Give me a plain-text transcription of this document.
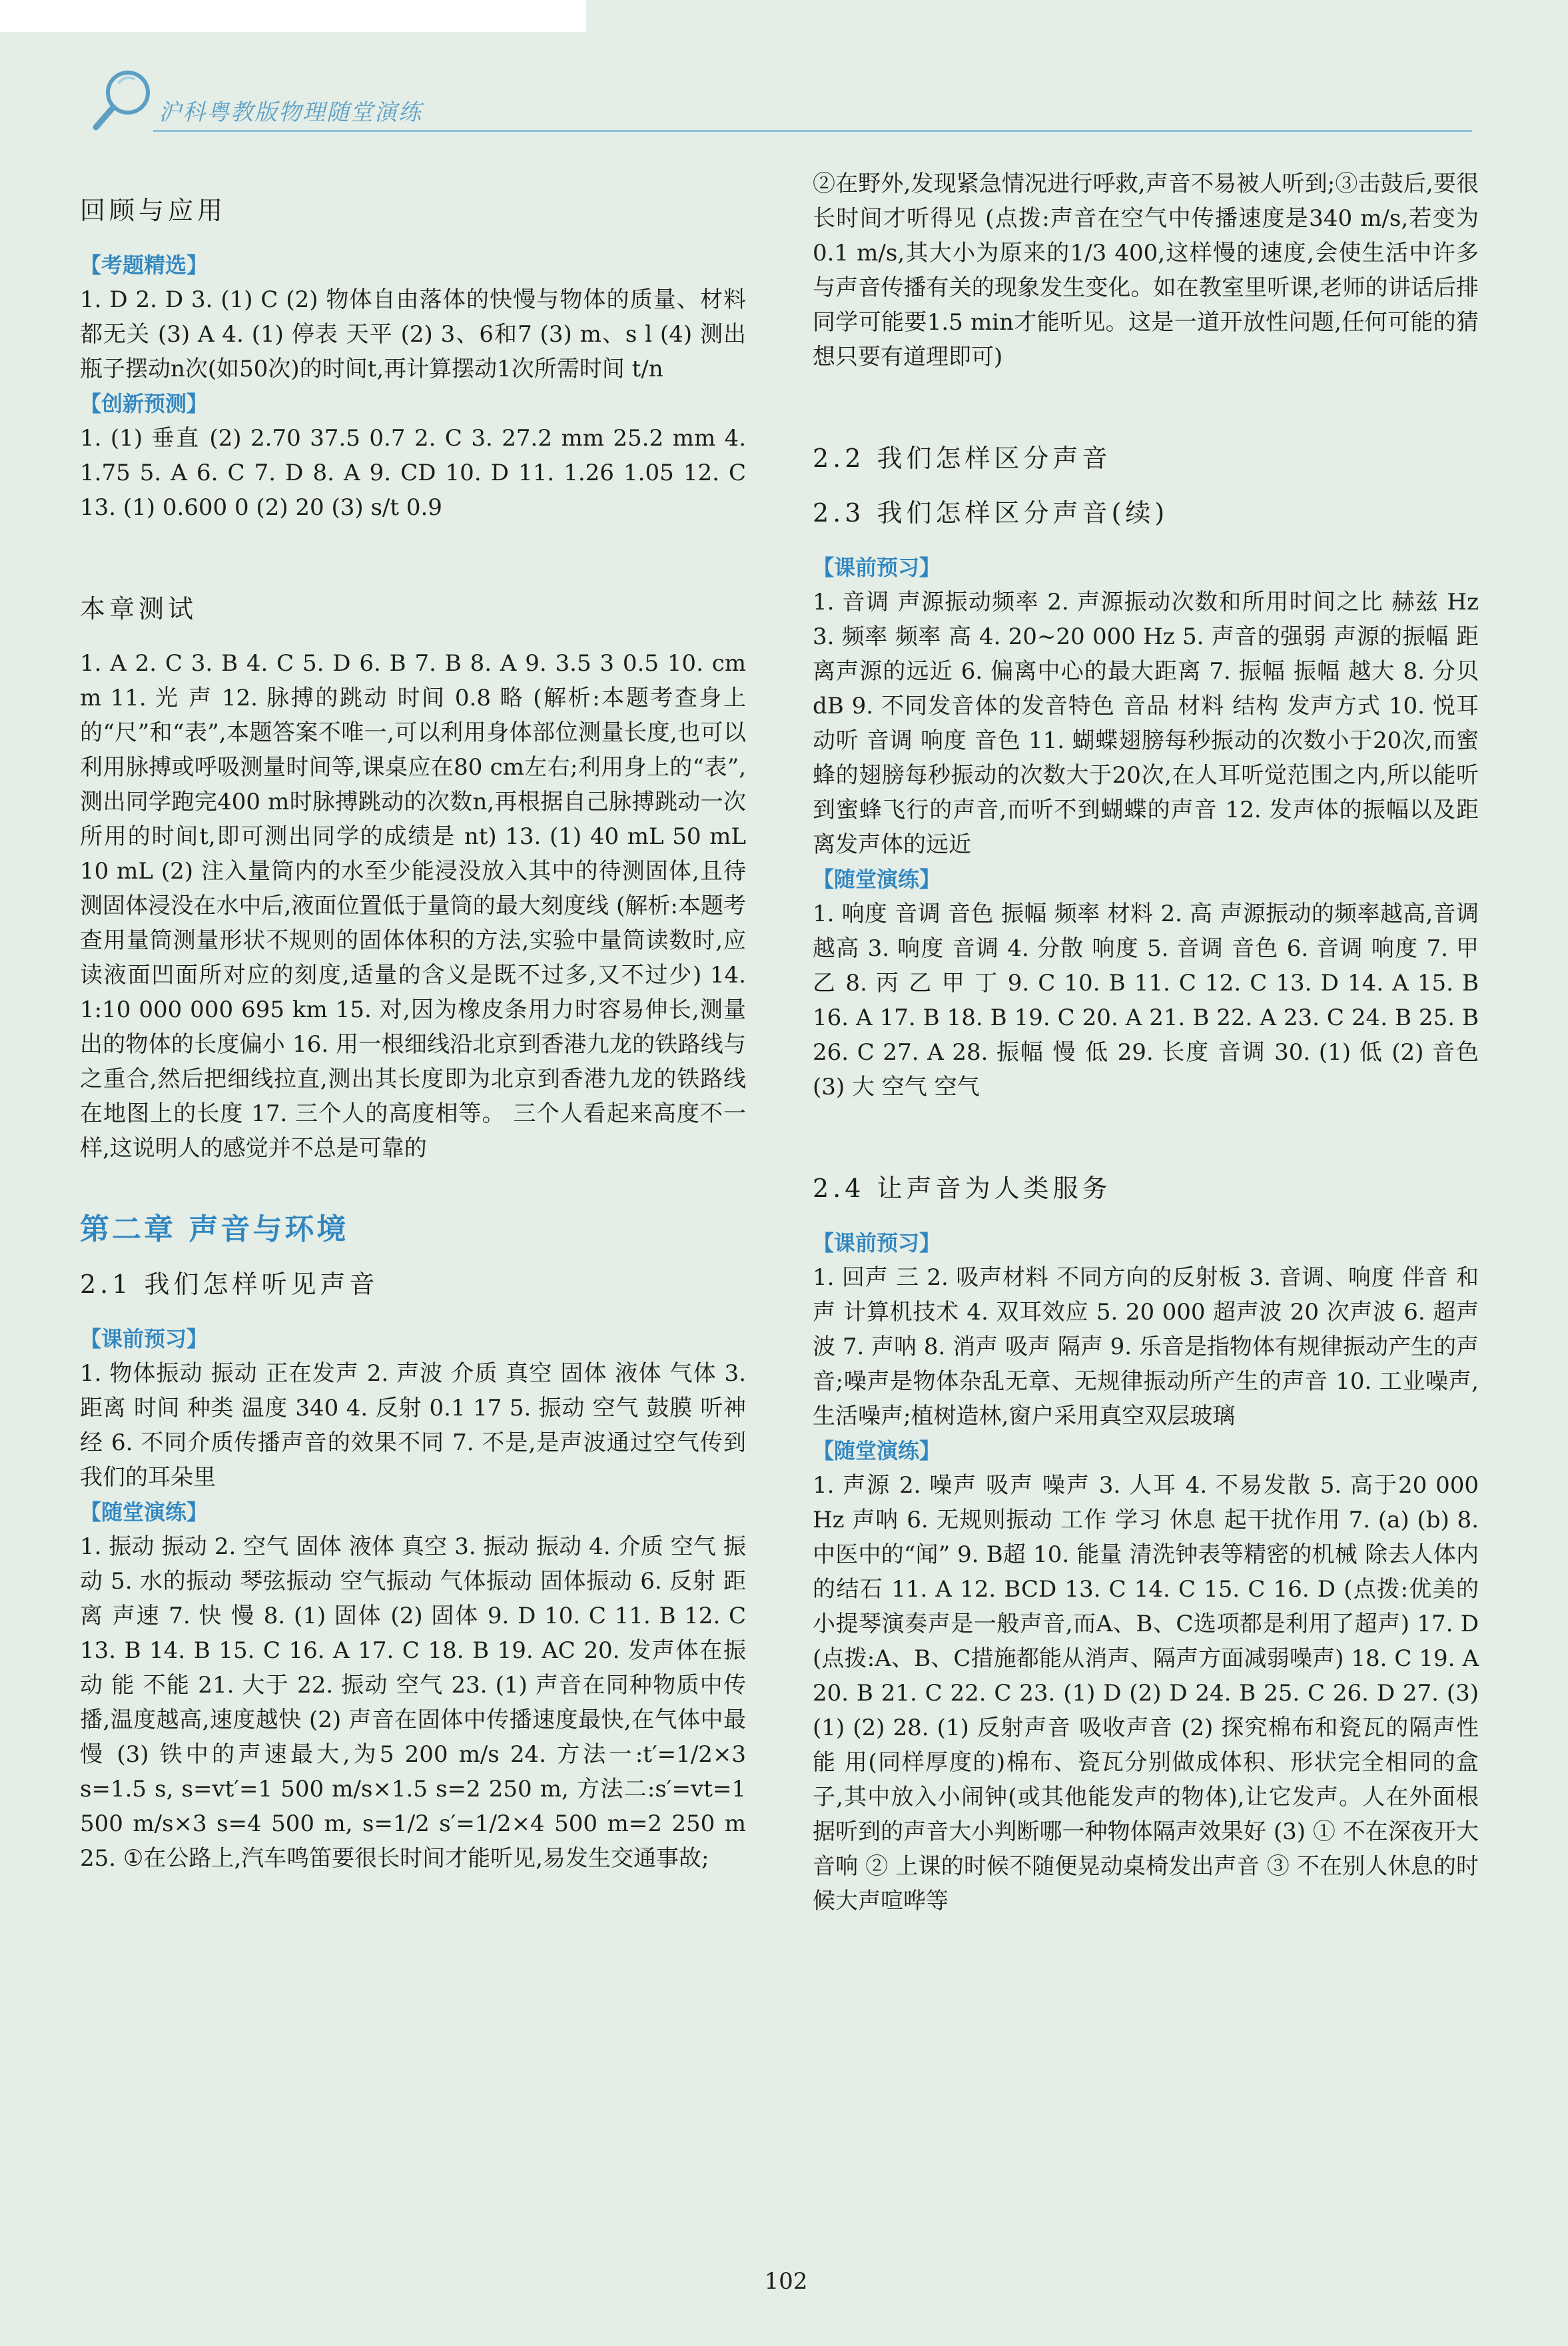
沪科粤教版物理随堂演练

回顾与应用

【考题精选】

1. D 2. D 3. (1) C (2) 物体自由落体的快慢与物体的质量、材料都无关 (3) A 4. (1) 停表 天平 (2) 3、6和7 (3) m、s l (4) 测出瓶子摆动n次(如50次)的时间t,再计算摆动1次所需时间 t/n

【创新预测】

1. (1) 垂直 (2) 2.70 37.5 0.7 2. C 3. 27.2 mm 25.2 mm 4. 1.75 5. A 6. C 7. D 8. A 9. CD 10. D 11. 1.26 1.05 12. C 13. (1) 0.600 0 (2) 20 (3) s/t 0.9

本章测试

1. A 2. C 3. B 4. C 5. D 6. B 7. B 8. A 9. 3.5 3 0.5 10. cm m 11. 光 声 12. 脉搏的跳动 时间 0.8 略 (解析:本题考查身上的“尺”和“表”,本题答案不唯一,可以利用身体部位测量长度,也可以利用脉搏或呼吸测量时间等,课桌应在80 cm左右;利用身上的“表”,测出同学跑完400 m时脉搏跳动的次数n,再根据自己脉搏跳动一次所用的时间t,即可测出同学的成绩是 nt) 13. (1) 40 mL 50 mL 10 mL (2) 注入量筒内的水至少能浸没放入其中的待测固体,且待测固体浸没在水中后,液面位置低于量筒的最大刻度线 (解析:本题考查用量筒测量形状不规则的固体体积的方法,实验中量筒读数时,应读液面凹面所对应的刻度,适量的含义是既不过多,又不过少) 14. 1:10 000 000 695 km 15. 对,因为橡皮条用力时容易伸长,测量出的物体的长度偏小 16. 用一根细线沿北京到香港九龙的铁路线与之重合,然后把细线拉直,测出其长度即为北京到香港九龙的铁路线在地图上的长度 17. 三个人的高度相等。 三个人看起来高度不一样,这说明人的感觉并不总是可靠的

第二章 声音与环境

2.1 我们怎样听见声音

【课前预习】

1. 物体振动 振动 正在发声 2. 声波 介质 真空 固体 液体 气体 3. 距离 时间 种类 温度 340 4. 反射 0.1 17 5. 振动 空气 鼓膜 听神经 6. 不同介质传播声音的效果不同 7. 不是,是声波通过空气传到我们的耳朵里

【随堂演练】

1. 振动 振动 2. 空气 固体 液体 真空 3. 振动 振动 4. 介质 空气 振动 5. 水的振动 琴弦振动 空气振动 气体振动 固体振动 6. 反射 距离 声速 7. 快 慢 8. (1) 固体 (2) 固体 9. D 10. C 11. B 12. C 13. B 14. B 15. C 16. A 17. C 18. B 19. AC 20. 发声体在振动 能 不能 21. 大于 22. 振动 空气 23. (1) 声音在同种物质中传播,温度越高,速度越快 (2) 声音在固体中传播速度最快,在气体中最慢 (3) 铁中的声速最大,为5 200 m/s 24. 方法一:t′=1/2×3 s=1.5 s, s=vt′=1 500 m/s×1.5 s=2 250 m, 方法二:s′=vt=1 500 m/s×3 s=4 500 m, s=1/2 s′=1/2×4 500 m=2 250 m 25. ①在公路上,汽车鸣笛要很长时间才能听见,易发生交通事故;

②在野外,发现紧急情况进行呼救,声音不易被人听到;③击鼓后,要很长时间才听得见 (点拨:声音在空气中传播速度是340 m/s,若变为0.1 m/s,其大小为原来的1/3 400,这样慢的速度,会使生活中许多与声音传播有关的现象发生变化。如在教室里听课,老师的讲话后排同学可能要1.5 min才能听见。这是一道开放性问题,任何可能的猜想只要有道理即可)

2.2 我们怎样区分声音

2.3 我们怎样区分声音(续)

【课前预习】

1. 音调 声源振动频率 2. 声源振动次数和所用时间之比 赫兹 Hz 3. 频率 频率 高 4. 20~20 000 Hz 5. 声音的强弱 声源的振幅 距离声源的远近 6. 偏离中心的最大距离 7. 振幅 振幅 越大 8. 分贝 dB 9. 不同发音体的发音特色 音品 材料 结构 发声方式 10. 悦耳动听 音调 响度 音色 11. 蝴蝶翅膀每秒振动的次数小于20次,而蜜蜂的翅膀每秒振动的次数大于20次,在人耳听觉范围之内,所以能听到蜜蜂飞行的声音,而听不到蝴蝶的声音 12. 发声体的振幅以及距离发声体的远近

【随堂演练】

1. 响度 音调 音色 振幅 频率 材料 2. 高 声源振动的频率越高,音调越高 3. 响度 音调 4. 分散 响度 5. 音调 音色 6. 音调 响度 7. 甲 乙 8. 丙 乙 甲 丁 9. C 10. B 11. C 12. C 13. D 14. A 15. B 16. A 17. B 18. B 19. C 20. A 21. B 22. A 23. C 24. B 25. B 26. C 27. A 28. 振幅 慢 低 29. 长度 音调 30. (1) 低 (2) 音色 (3) 大 空气 空气

2.4 让声音为人类服务

【课前预习】

1. 回声 三 2. 吸声材料 不同方向的反射板 3. 音调、响度 伴音 和声 计算机技术 4. 双耳效应 5. 20 000 超声波 20 次声波 6. 超声波 7. 声呐 8. 消声 吸声 隔声 9. 乐音是指物体有规律振动产生的声音;噪声是物体杂乱无章、无规律振动所产生的声音 10. 工业噪声,生活噪声;植树造林,窗户采用真空双层玻璃

【随堂演练】

1. 声源 2. 噪声 吸声 噪声 3. 人耳 4. 不易发散 5. 高于20 000 Hz 声呐 6. 无规则振动 工作 学习 休息 起干扰作用 7. (a) (b) 8. 中医中的“闻” 9. B超 10. 能量 清洗钟表等精密的机械 除去人体内的结石 11. A 12. BCD 13. C 14. C 15. C 16. D (点拨:优美的小提琴演奏声是一般声音,而A、B、C选项都是利用了超声) 17. D (点拨:A、B、C措施都能从消声、隔声方面减弱噪声) 18. C 19. A 20. B 21. C 22. C 23. (1) D (2) D 24. B 25. C 26. D 27. (3) (1) (2) 28. (1) 反射声音 吸收声音 (2) 探究棉布和瓷瓦的隔声性能 用(同样厚度的)棉布、瓷瓦分别做成体积、形状完全相同的盒子,其中放入小闹钟(或其他能发声的物体),让它发声。人在外面根据听到的声音大小判断哪一种物体隔声效果好 (3) ① 不在深夜开大音响 ② 上课的时候不随便晃动桌椅发出声音 ③ 不在别人休息的时候大声喧哗等

102
